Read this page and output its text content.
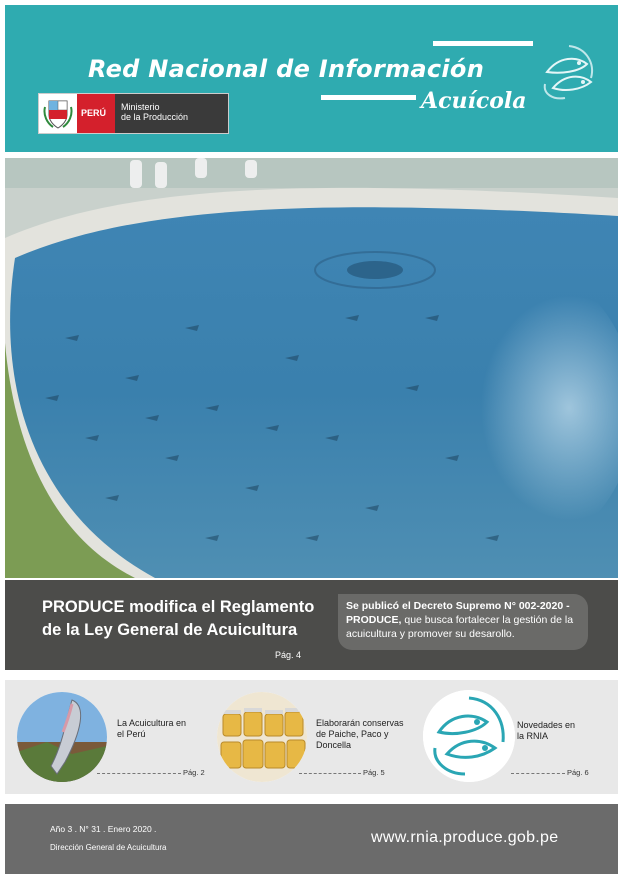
Red Nacional de Información
Acuícola
PERÚ
Ministerio
de la Producción
PRODUCE modifica el Reglamento
de la Ley General de Acuicultura
Pág. 4
Se publicó el Decreto Supremo N° 002-2020 -PRODUCE, que busca fortalecer la gestión de la acuicultura y promover su desarollo.
La Acuicultura en
el Perú
Pág. 2
Elaborarán conservas
de Paiche, Paco y
Doncella
Pág. 5
Novedades en
la RNIA
Pág. 6
Año 3 . N° 31 . Enero 2020 .
Dirección General de Acuicultura
www.rnia.produce.gob.pe
